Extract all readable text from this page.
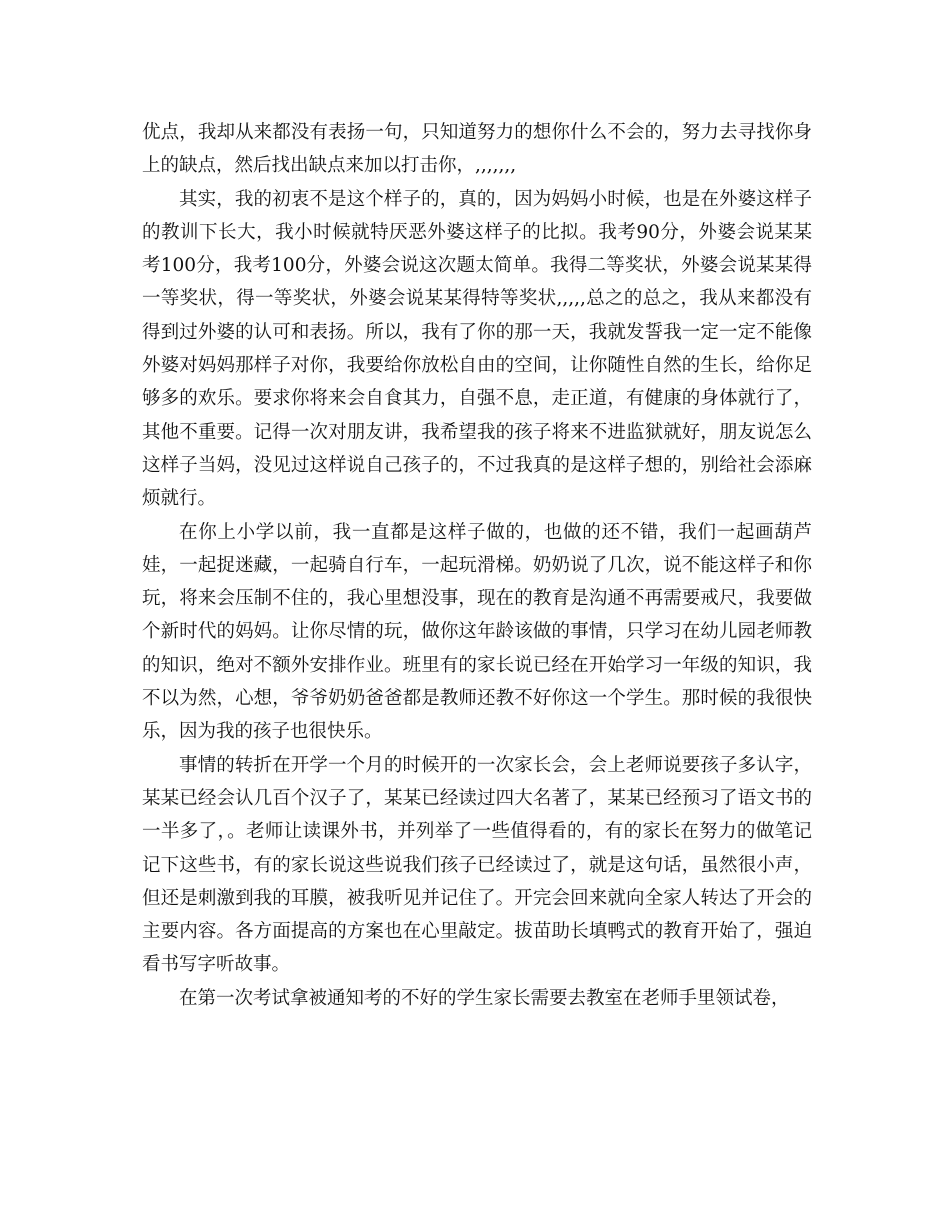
优点，我却从来都没有表扬一句，只知道努力的想你什么不会的，努力去寻找你身上的缺点，然后找出缺点来加以打击你，,,,,,,,

其实，我的初衷不是这个样子的，真的，因为妈妈小时候，也是在外婆这样子的教训下长大，我小时候就特厌恶外婆这样子的比拟。我考90分，外婆会说某某考100分，我考100分，外婆会说这次题太简单。我得二等奖状，外婆会说某某得一等奖状，得一等奖状，外婆会说某某得特等奖状,,,,,总之的总之，我从来都没有得到过外婆的认可和表扬。所以，我有了你的那一天，我就发誓我一定一定不能像外婆对妈妈那样子对你，我要给你放松自由的空间，让你随性自然的生长，给你足够多的欢乐。要求你将来会自食其力，自强不息，走正道，有健康的身体就行了，其他不重要。记得一次对朋友讲，我希望我的孩子将来不进监狱就好，朋友说怎么这样子当妈，没见过这样说自己孩子的，不过我真的是这样子想的，别给社会添麻烦就行。

在你上小学以前，我一直都是这样子做的，也做的还不错，我们一起画葫芦娃，一起捉迷藏，一起骑自行车，一起玩滑梯。奶奶说了几次，说不能这样子和你玩，将来会压制不住的，我心里想没事，现在的教育是沟通不再需要戒尺，我要做个新时代的妈妈。让你尽情的玩，做你这年龄该做的事情，只学习在幼儿园老师教的知识，绝对不额外安排作业。班里有的家长说已经在开始学习一年级的知识，我不以为然，心想，爷爷奶奶爸爸都是教师还教不好你这一个学生。那时候的我很快乐，因为我的孩子也很快乐。

事情的转折在开学一个月的时候开的一次家长会，会上老师说要孩子多认字，某某已经会认几百个汉子了，某某已经读过四大名著了，某某已经预习了语文书的一半多了，。老师让读课外书，并列举了一些值得看的，有的家长在努力的做笔记记下这些书，有的家长说这些说我们孩子已经读过了，就是这句话，虽然很小声，但还是刺激到我的耳膜，被我听见并记住了。开完会回来就向全家人转达了开会的主要内容。各方面提高的方案也在心里敲定。拔苗助长填鸭式的教育开始了，强迫看书写字听故事。

在第一次考试拿被通知考的不好的学生家长需要去教室在老师手里领试卷，
